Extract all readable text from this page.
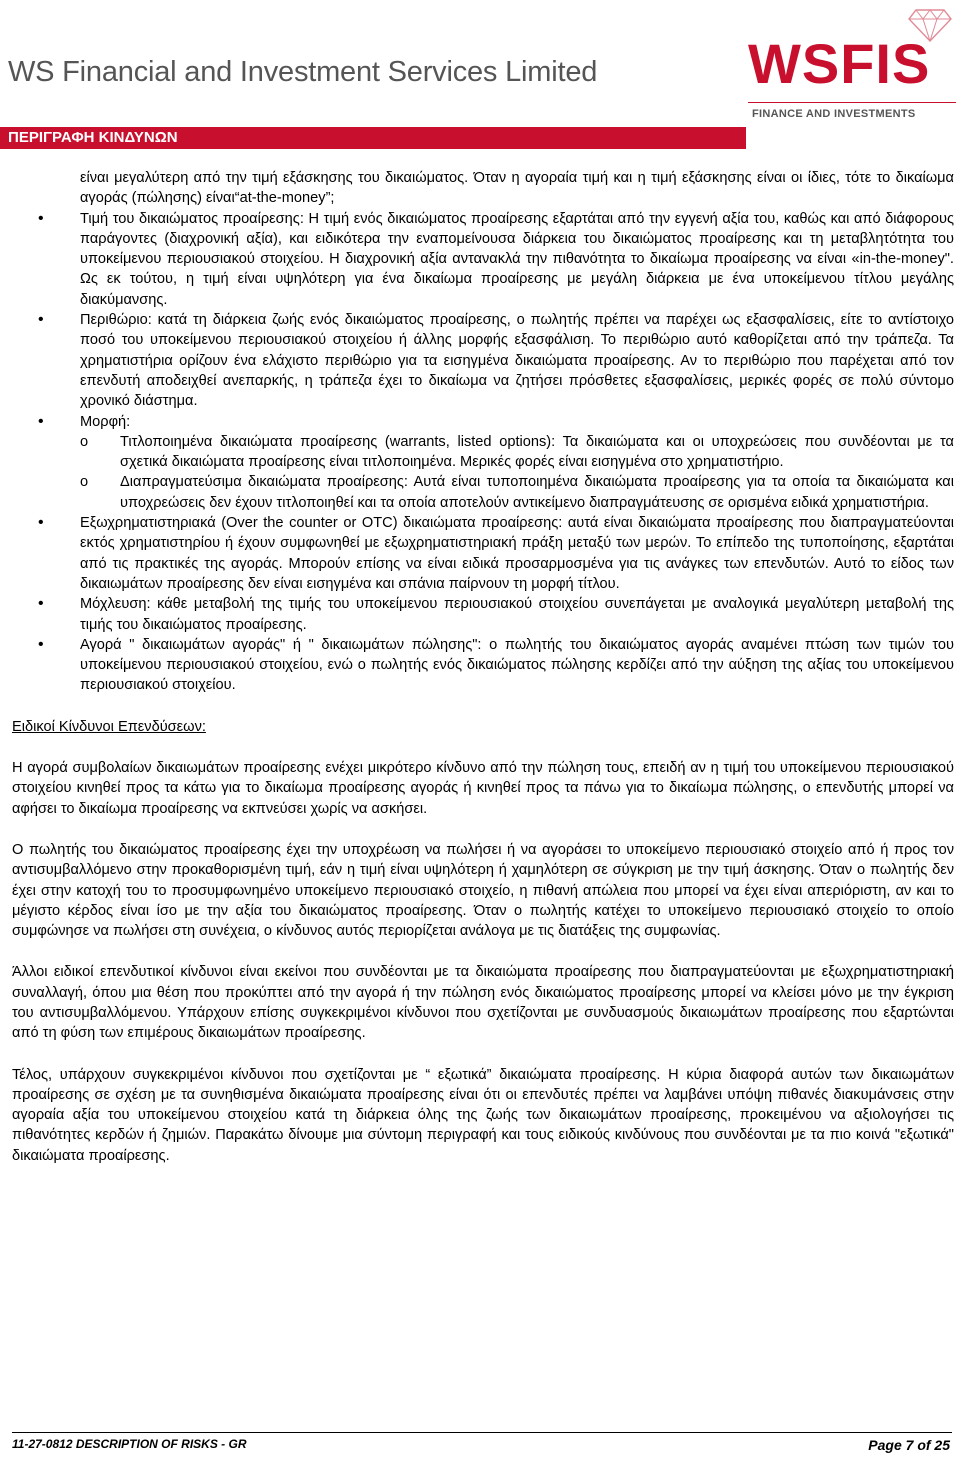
WS Financial and Investment Services Limited	WSFIS
FINANCE AND INVESTMENTS
ΠΕΡΙΓΡΑΦΗ ΚΙΝΔΥΝΩΝ

είναι μεγαλύτερη από την τιμή εξάσκησης του δικαιώματος. Όταν η αγοραία τιμή και η τιμή εξάσκησης είναι οι ίδιες, τότε το δικαίωμα αγοράς (πώλησης) είναι“at-the-money”;

• Τιμή του δικαιώματος προαίρεσης: Η τιμή ενός δικαιώματος προαίρεσης εξαρτάται από την εγγενή αξία του, καθώς και από διάφορους παράγοντες (διαχρονική αξία), και ειδικότερα την εναπομείνουσα διάρκεια του δικαιώματος προαίρεσης και τη μεταβλητότητα του υποκείμενου περιουσιακού στοιχείου. Η διαχρονική αξία αντανακλά την πιθανότητα το δικαίωμα προαίρεσης να είναι «in-the-money". Ως εκ τούτου, η τιμή είναι υψηλότερη για ένα δικαίωμα προαίρεσης με μεγάλη διάρκεια με ένα υποκείμενου τίτλου μεγάλης διακύμανσης.
• Περιθώριο: κατά τη διάρκεια ζωής ενός δικαιώματος προαίρεσης, ο πωλητής πρέπει να παρέχει ως εξασφαλίσεις, είτε το αντίστοιχο ποσό του υποκείμενου περιουσιακού στοιχείου ή άλλης μορφής εξασφάλιση. Το περιθώριο αυτό καθορίζεται από την τράπεζα. Τα χρηματιστήρια ορίζουν ένα ελάχιστο περιθώριο για τα εισηγμένα δικαιώματα προαίρεσης. Αν το περιθώριο που παρέχεται από τον επενδυτή αποδειχθεί ανεπαρκής, η τράπεζα έχει το δικαίωμα να ζητήσει πρόσθετες εξασφαλίσεις, μερικές φορές σε πολύ σύντομο χρονικό διάστημα.
• Μορφή:
o Τιτλοποιημένα δικαιώματα προαίρεσης (warrants, listed options): Τα δικαιώματα και οι υποχρεώσεις που συνδέονται με τα σχετικά δικαιώματα προαίρεσης είναι τιτλοποιημένα. Μερικές φορές είναι εισηγμένα στο χρηματιστήριο.
o Διαπραγματεύσιμα δικαιώματα προαίρεσης: Αυτά είναι τυποποιημένα δικαιώματα προαίρεσης για τα οποία τα δικαιώματα και υποχρεώσεις δεν έχουν τιτλοποιηθεί και τα οποία αποτελούν αντικείμενο διαπραγμάτευσης σε ορισμένα ειδικά χρηματιστήρια.
• Εξωχρηματιστηριακά (Over the counter or OTC) δικαιώματα προαίρεσης: αυτά είναι δικαιώματα προαίρεσης που διαπραγματεύονται εκτός χρηματιστηρίου ή έχουν συμφωνηθεί με εξωχρηματιστηριακή πράξη μεταξύ των μερών. Το επίπεδο της τυποποίησης, εξαρτάται από τις πρακτικές της αγοράς. Μπορούν επίσης να είναι ειδικά προσαρμοσμένα για τις ανάγκες των επενδυτών. Αυτό το είδος των δικαιωμάτων προαίρεσης δεν είναι εισηγμένα και σπάνια παίρνουν τη μορφή τίτλου.
• Μόχλευση: κάθε μεταβολή της τιμής του υποκείμενου περιουσιακού στοιχείου συνεπάγεται με αναλογικά μεγαλύτερη μεταβολή της τιμής του δικαιώματος προαίρεσης.
• Αγορά " δικαιωμάτων αγοράς" ή " δικαιωμάτων πώλησης": ο πωλητής του δικαιώματος αγοράς αναμένει πτώση των τιμών του υποκείμενου περιουσιακού στοιχείου, ενώ ο πωλητής ενός δικαιώματος πώλησης κερδίζει από την αύξηση της αξίας του υποκείμενου περιουσιακού στοιχείου.

Ειδικοί Κίνδυνοι Επενδύσεων:

Η αγορά συμβολαίων δικαιωμάτων προαίρεσης ενέχει μικρότερο κίνδυνο από την πώληση τους, επειδή αν η τιμή του υποκείμενου περιουσιακού στοιχείου κινηθεί προς τα κάτω για το δικαίωμα προαίρεσης αγοράς ή κινηθεί προς τα πάνω για το δικαίωμα πώλησης, ο επενδυτής μπορεί να αφήσει το δικαίωμα προαίρεσης να εκπνεύσει χωρίς να ασκήσει.

Ο πωλητής του δικαιώματος προαίρεσης έχει την υποχρέωση να πωλήσει ή να αγοράσει το υποκείμενο περιουσιακό στοιχείο από ή προς τον αντισυμβαλλόμενο στην προκαθορισμένη τιμή, εάν η τιμή είναι υψηλότερη ή χαμηλότερη σε σύγκριση με την τιμή άσκησης. Όταν ο πωλητής δεν έχει στην κατοχή του το προσυμφωνημένο υποκείμενο περιουσιακό στοιχείο, η πιθανή απώλεια που μπορεί να έχει είναι απεριόριστη, αν και το μέγιστο κέρδος είναι ίσο με την αξία του δικαιώματος προαίρεσης. Όταν ο πωλητής κατέχει το υποκείμενο περιουσιακό στοιχείο το οποίο συμφώνησε να πωλήσει στη συνέχεια, ο κίνδυνος αυτός περιορίζεται ανάλογα με τις διατάξεις της συμφωνίας.

Άλλοι ειδικοί επενδυτικοί κίνδυνοι είναι εκείνοι που συνδέονται με τα δικαιώματα προαίρεσης που διαπραγματεύονται με εξωχρηματιστηριακή συναλλαγή, όπου μια θέση που προκύπτει από την αγορά ή την πώληση ενός δικαιώματος προαίρεσης μπορεί να κλείσει μόνο με την έγκριση του αντισυμβαλλόμενου. Υπάρχουν επίσης συγκεκριμένοι κίνδυνοι που σχετίζονται με συνδυασμούς δικαιωμάτων προαίρεσης που εξαρτώνται από τη φύση των επιμέρους δικαιωμάτων προαίρεσης.

Τέλος, υπάρχουν συγκεκριμένοι κίνδυνοι που σχετίζονται με “ εξωτικά” δικαιώματα προαίρεσης. Η κύρια διαφορά αυτών των δικαιωμάτων προαίρεσης σε σχέση με τα συνηθισμένα δικαιώματα προαίρεσης είναι ότι οι επενδυτές πρέπει να λαμβάνει υπόψη πιθανές διακυμάνσεις στην αγοραία αξία του υποκείμενου στοιχείου κατά τη διάρκεια όλης της ζωής των δικαιωμάτων προαίρεσης, προκειμένου να αξιολογήσει τις πιθανότητες κερδών ή ζημιών. Παρακάτω δίνουμε μια σύντομη περιγραφή και τους ειδικούς κινδύνους που συνδέονται με τα πιο κοινά "εξωτικά" δικαιώματα προαίρεσης.

11-27-0812 DESCRIPTION OF RISKS - GR	Page 7 of 25
